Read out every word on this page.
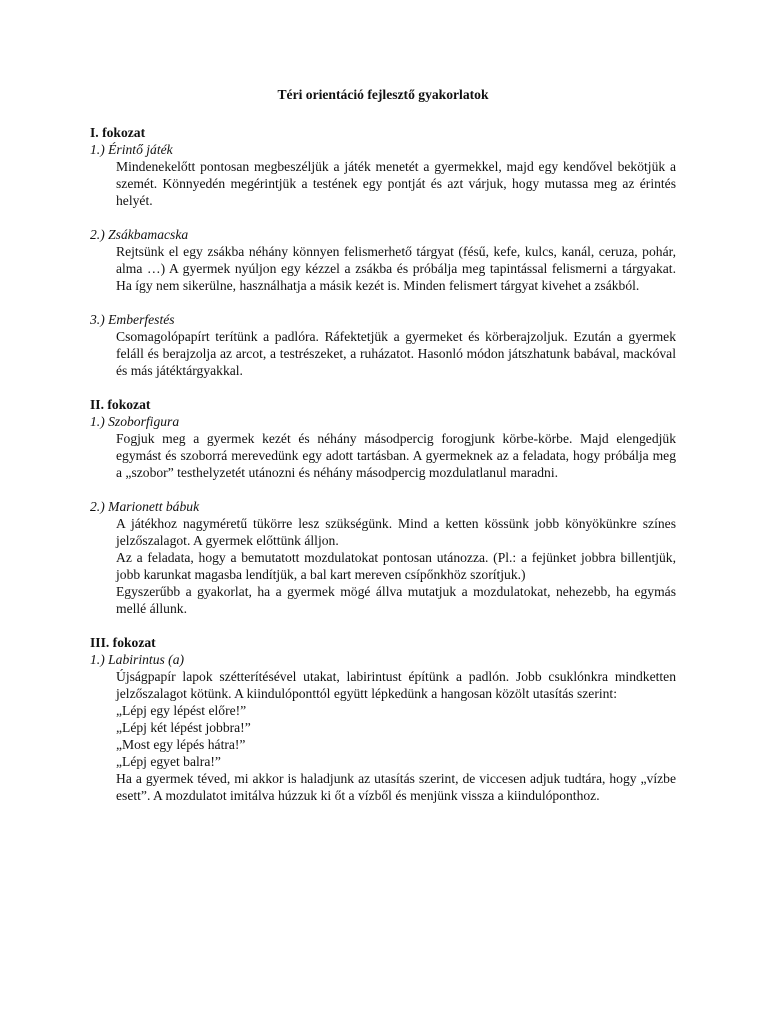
Téri orientáció fejlesztő gyakorlatok
I. fokozat
1.) Érintő játék

Mindenekelőtt pontosan megbeszéljük a játék menetét a gyermekkel, majd egy kendővel bekötjük a szemét. Könnyedén megérintjük a testének egy pontját és azt várjuk, hogy mutassa meg az érintés helyét.

2.) Zsákbamacska

Rejtsünk el egy zsákba néhány könnyen felismerhető tárgyat (fésű, kefe, kulcs, kanál, ceruza, pohár, alma …) A gyermek nyúljon egy kézzel a zsákba és próbálja meg tapintással felismerni a tárgyakat. Ha így nem sikerülne, használhatja a másik kezét is. Minden felismert tárgyat kivehet a zsákból.

3.) Emberfestés

Csomagolópapírt terítünk a padlóra. Ráfektetjük a gyermeket és körberajzoljuk. Ezután a gyermek feláll és berajzolja az arcot, a testrészeket, a ruházatot. Hasonló módon játszhatunk babával, mackóval és más játéktárgyakkal.

II. fokozat
1.) Szoborfigura

Fogjuk meg a gyermek kezét és néhány másodpercig forogjunk körbe-körbe. Majd elengedjük egymást és szoborrá merevedünk egy adott tartásban. A gyermeknek az a feladata, hogy próbálja meg a „szobor” testhelyzetét utánozni és néhány másodpercig mozdulatlanul maradni.

2.) Marionett bábuk

A játékhoz nagyméretű tükörre lesz szükségünk. Mind a ketten kössünk jobb könyökünkre színes jelzőszalagot. A gyermek előttünk álljon.

Az a feladata, hogy a bemutatott mozdulatokat pontosan utánozza. (Pl.: a fejünket jobbra billentjük, jobb karunkat magasba lendítjük, a bal kart mereven csípőnkhöz szorítjuk.)

Egyszerűbb a gyakorlat, ha a gyermek mögé állva mutatjuk a mozdulatokat, nehezebb, ha egymás mellé állunk.

III. fokozat
1.) Labirintus (a)

Újságpapír lapok szétterítésével utakat, labirintust építünk a padlón. Jobb csuklónkra mindketten jelzőszalagot kötünk. A kiindulóponttól együtt lépkedünk a hangosan közölt utasítás szerint:

„Lépj egy lépést előre!”
„Lépj két lépést jobbra!”
„Most egy lépés hátra!”
„Lépj egyet balra!”

Ha a gyermek téved, mi akkor is haladjunk az utasítás szerint, de viccesen adjuk tudtára, hogy „vízbe esett”. A mozdulatot imitálva húzzuk ki őt a vízből és menjünk vissza a kiindulóponthoz.
